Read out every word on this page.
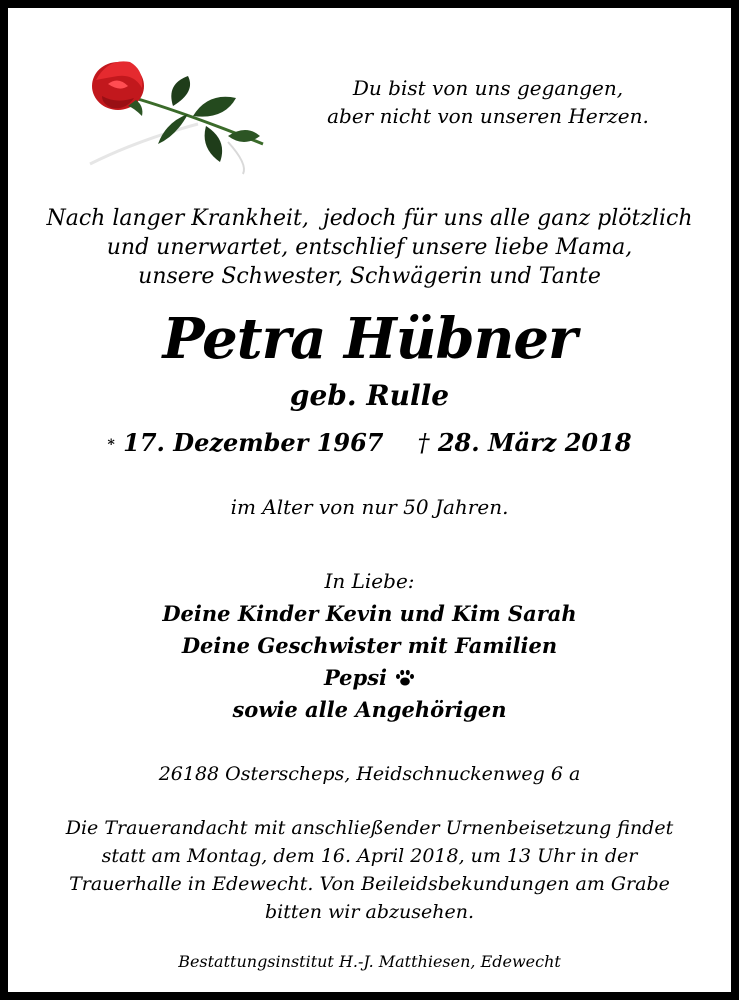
Du bist von uns gegangen,
aber nicht von unseren Herzen.
Nach langer Krankheit,  jedoch für uns alle ganz plötzlich
und unerwartet, entschlief unsere liebe Mama,
unsere Schwester, Schwägerin und Tante
Petra Hübner
geb. Rulle
* 17. Dezember 1967 † 28. März 2018
im Alter von nur 50 Jahren.
In Liebe:
Deine Kinder Kevin und Kim Sarah
Deine Geschwister mit Familien
Pepsi
sowie alle Angehörigen
26188 Osterscheps, Heidschnuckenweg 6 a
Die Trauerandacht mit anschließender Urnenbeisetzung findet
statt am Montag, dem 16. April 2018, um 13 Uhr in der
Trauerhalle in Edewecht. Von Beileidsbekundungen am Grabe
bitten wir abzusehen.
Bestattungsinstitut H.-J. Matthiesen, Edewecht
